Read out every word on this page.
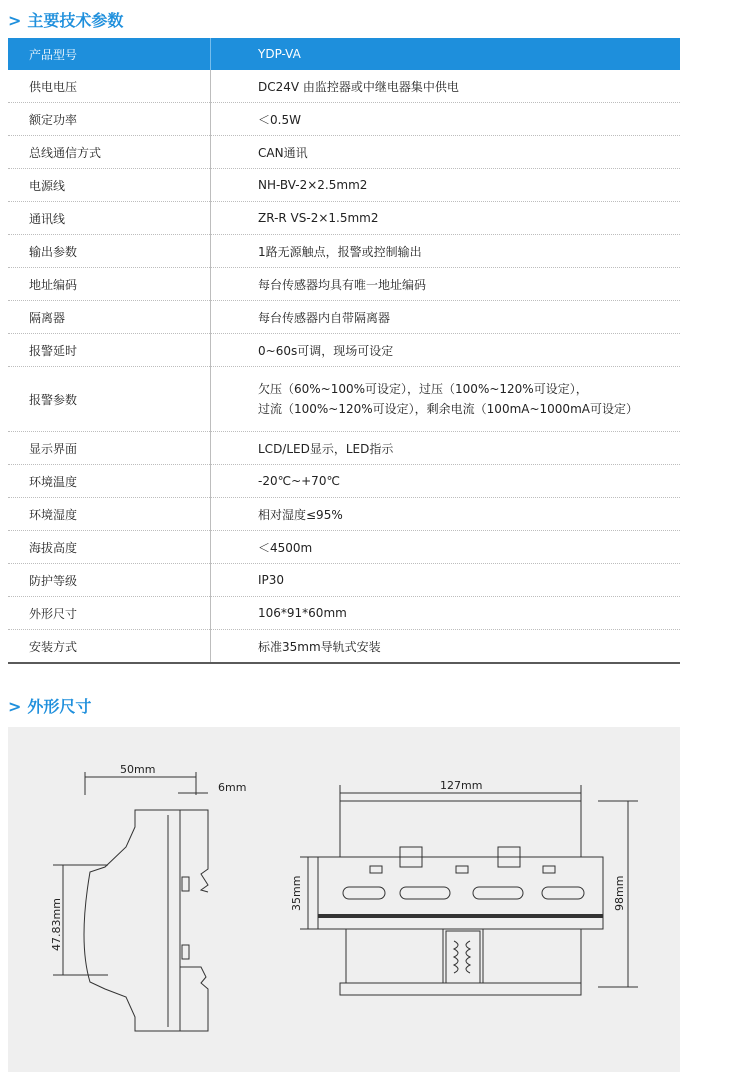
> 主要技术参数
产品型号	YDP-VA
供电电压	DC24V 由监控器或中继电器集中供电
额定功率	＜0.5W
总线通信方式	CAN通讯
电源线	NH-BV-2×2.5mm2
通讯线	ZR-R VS-2×1.5mm2
输出参数	1路无源触点，报警或控制输出
地址编码	每台传感器均具有唯一地址编码
隔离器	每台传感器内自带隔离器
报警延时	0~60s可调，现场可设定
报警参数	欠压（60%~100%可设定），过压（100%~120%可设定），
过流（100%~120%可设定），剩余电流（100mA~1000mA可设定）

显示界面	LCD/LED显示，LED指示
环境温度	-20℃~+70℃
环境湿度	相对湿度≤95%
海拔高度	＜4500m
防护等级	IP30
外形尺寸	106*91*60mm
安装方式	标准35mm导轨式安装
> 外形尺寸
50mm
6mm
47.83mm
127mm
35mm	98mm
